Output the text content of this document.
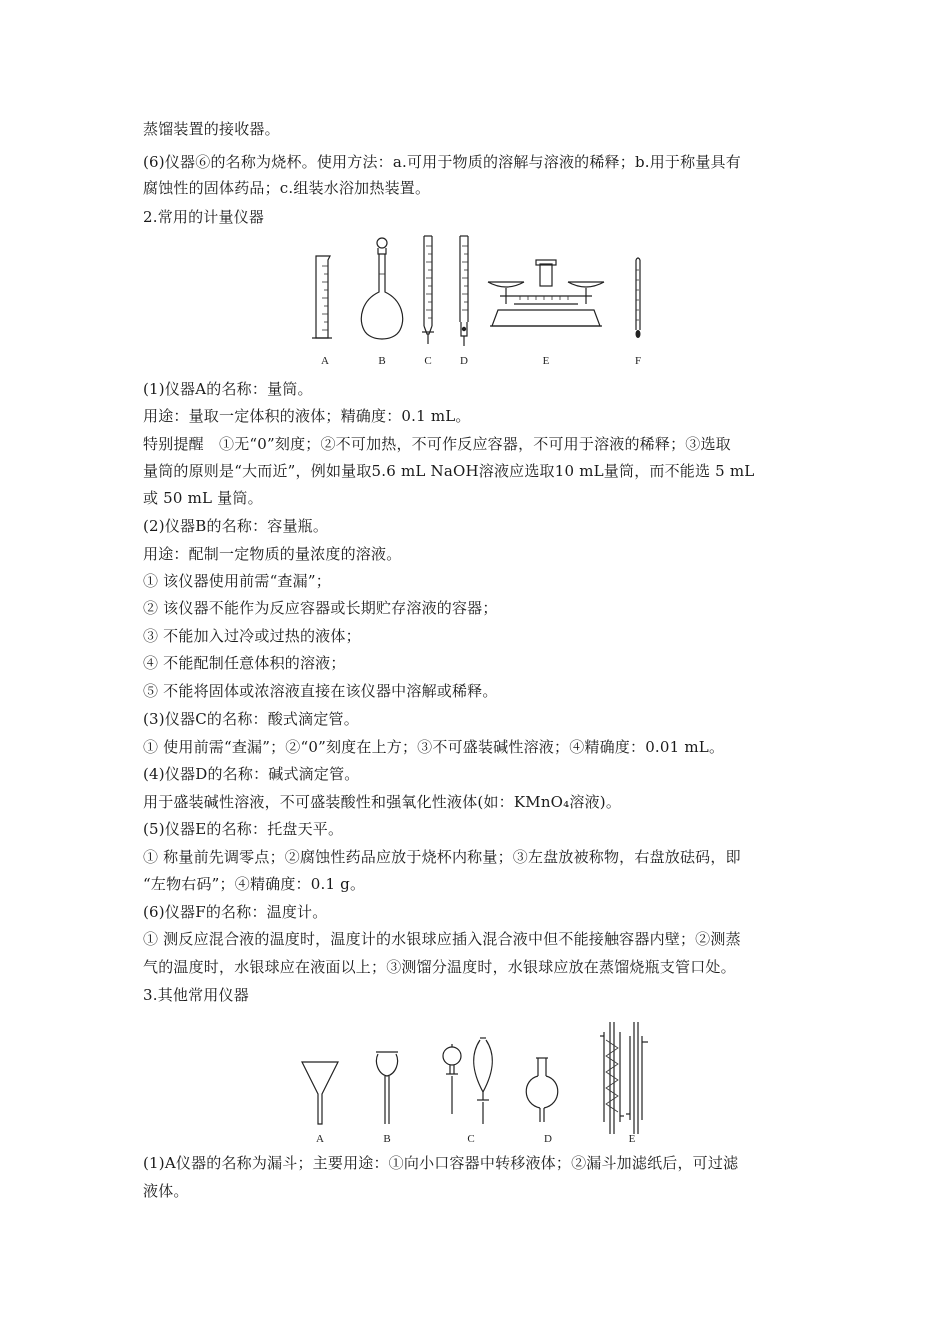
蒸馏装置的接收器。
(6)仪器⑥的名称为烧杯。使用方法：a.可用于物质的溶解与溶液的稀释；b.用于称量具有
腐蚀性的固体药品；c.组装水浴加热装置。
2.常用的计量仪器
A	B	C	D	E	F
(1)仪器A的名称：量筒。
用途：量取一定体积的液体；精确度：0.1 mL。
特别提醒　①无“0”刻度；②不可加热，不可作反应容器，不可用于溶液的稀释；③选取
量筒的原则是“大而近”，例如量取5.6 mL NaOH溶液应选取10 mL量筒，而不能选 5 mL
或 50 mL 量筒。
(2)仪器B的名称：容量瓶。
用途：配制一定物质的量浓度的溶液。
① 该仪器使用前需“查漏”；
② 该仪器不能作为反应容器或长期贮存溶液的容器；
③ 不能加入过冷或过热的液体；
④ 不能配制任意体积的溶液；
⑤ 不能将固体或浓溶液直接在该仪器中溶解或稀释。
(3)仪器C的名称：酸式滴定管。
① 使用前需“查漏”；②“0”刻度在上方；③不可盛装碱性溶液；④精确度：0.01 mL。
(4)仪器D的名称：碱式滴定管。
用于盛装碱性溶液，不可盛装酸性和强氧化性液体(如：KMnO₄溶液)。
(5)仪器E的名称：托盘天平。
① 称量前先调零点；②腐蚀性药品应放于烧杯内称量；③左盘放被称物，右盘放砝码，即
“左物右码”；④精确度：0.1 g。
(6)仪器F的名称：温度计。
① 测反应混合液的温度时，温度计的水银球应插入混合液中但不能接触容器内壁；②测蒸
气的温度时，水银球应在液面以上；③测馏分温度时，水银球应放在蒸馏烧瓶支管口处。
3.其他常用仪器
A	B	C	D	E
(1)A仪器的名称为漏斗；主要用途：①向小口容器中转移液体；②漏斗加滤纸后，可过滤
液体。
